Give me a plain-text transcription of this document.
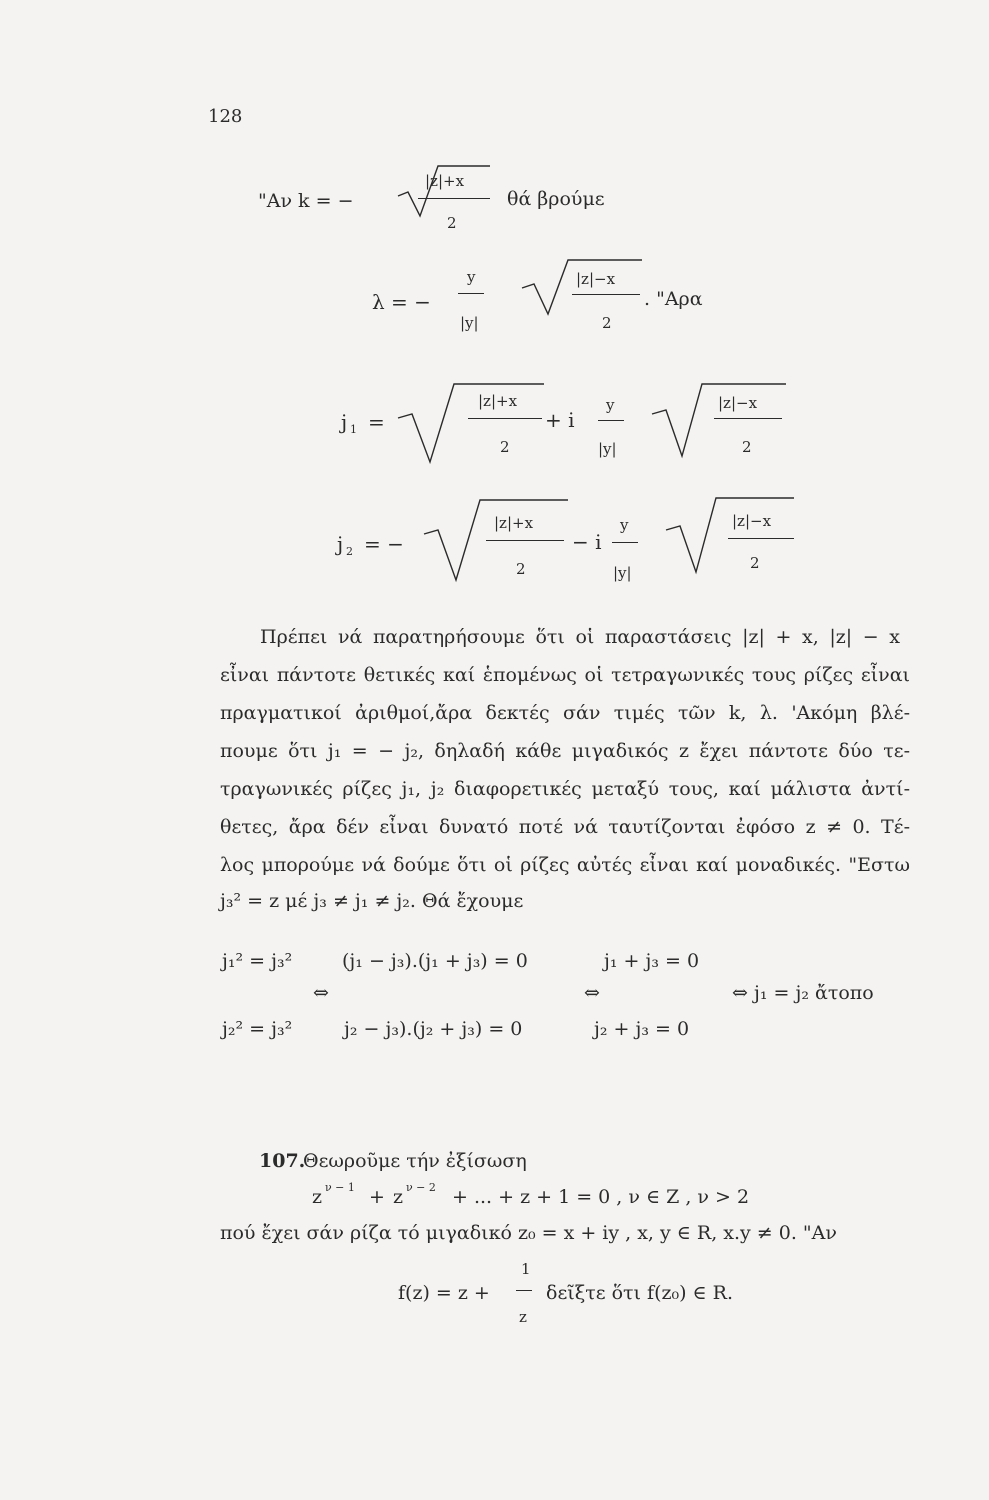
128
"Αν k = −
|z|+x
2
θά βρούμε
λ = −
y
|y|
|z|−x
2
. "Αρα
j 1 =
|z|+x
2
+ i
y
|y|
|z|−x
2
j 2 = −
|z|+x
2
− i
y
|y|
|z|−x
2
Πρέπει νά παρατηρήσουμε ὅτι οἱ παραστάσεις |z| + x, |z| − x
εἶναι πάντοτε θετικές καί ἑπομένως οἱ τετραγωνικές τους ρίζες εἶναι
πραγματικοί ἀριθμοί,ἄρα δεκτές σάν τιμές τῶν k, λ. 'Ακόμη βλέ-
πουμε ὅτι j₁ = − j₂, δηλαδή κάθε μιγαδικός z ἔχει πάντοτε δύο τε-
τραγωνικές ρίζες j₁, j₂ διαφορετικές μεταξύ τους, καί μάλιστα ἀντί-
θετες, ἄρα δέν εἶναι δυνατό ποτέ νά ταυτίζονται ἐφόσο z ≠ 0. Τέ-
λος μπορούμε νά δούμε ὅτι οἱ ρίζες αὐτές εἶναι καί μοναδικές. "Εστω
j₃² = z μέ j₃ ≠ j₁ ≠ j₂. Θά ἔχουμε
j₁² = j₃²	(j₁ − j₃).(j₁ + j₃) = 0	j₁ + j₃ = 0
⇔	⇔	⇔ j₁ = j₂ ἄτοπο
j₂² = j₃²	j₂ − j₃).(j₂ + j₃) = 0	j₂ + j₃ = 0
107.
Θεωροῦμε τήν ἐξίσωση
z ν − 1 + z ν − 2 + ... + z + 1 = 0 , ν ∈ Z , ν > 2
πού ἔχει σάν ρίζα τό μιγαδικό z₀ = x + iy , x, y ∈ R, x.y ≠ 0. "Αν
f(z) = z +
1
z
δεῖξτε ὅτι f(z₀) ∈ R.
